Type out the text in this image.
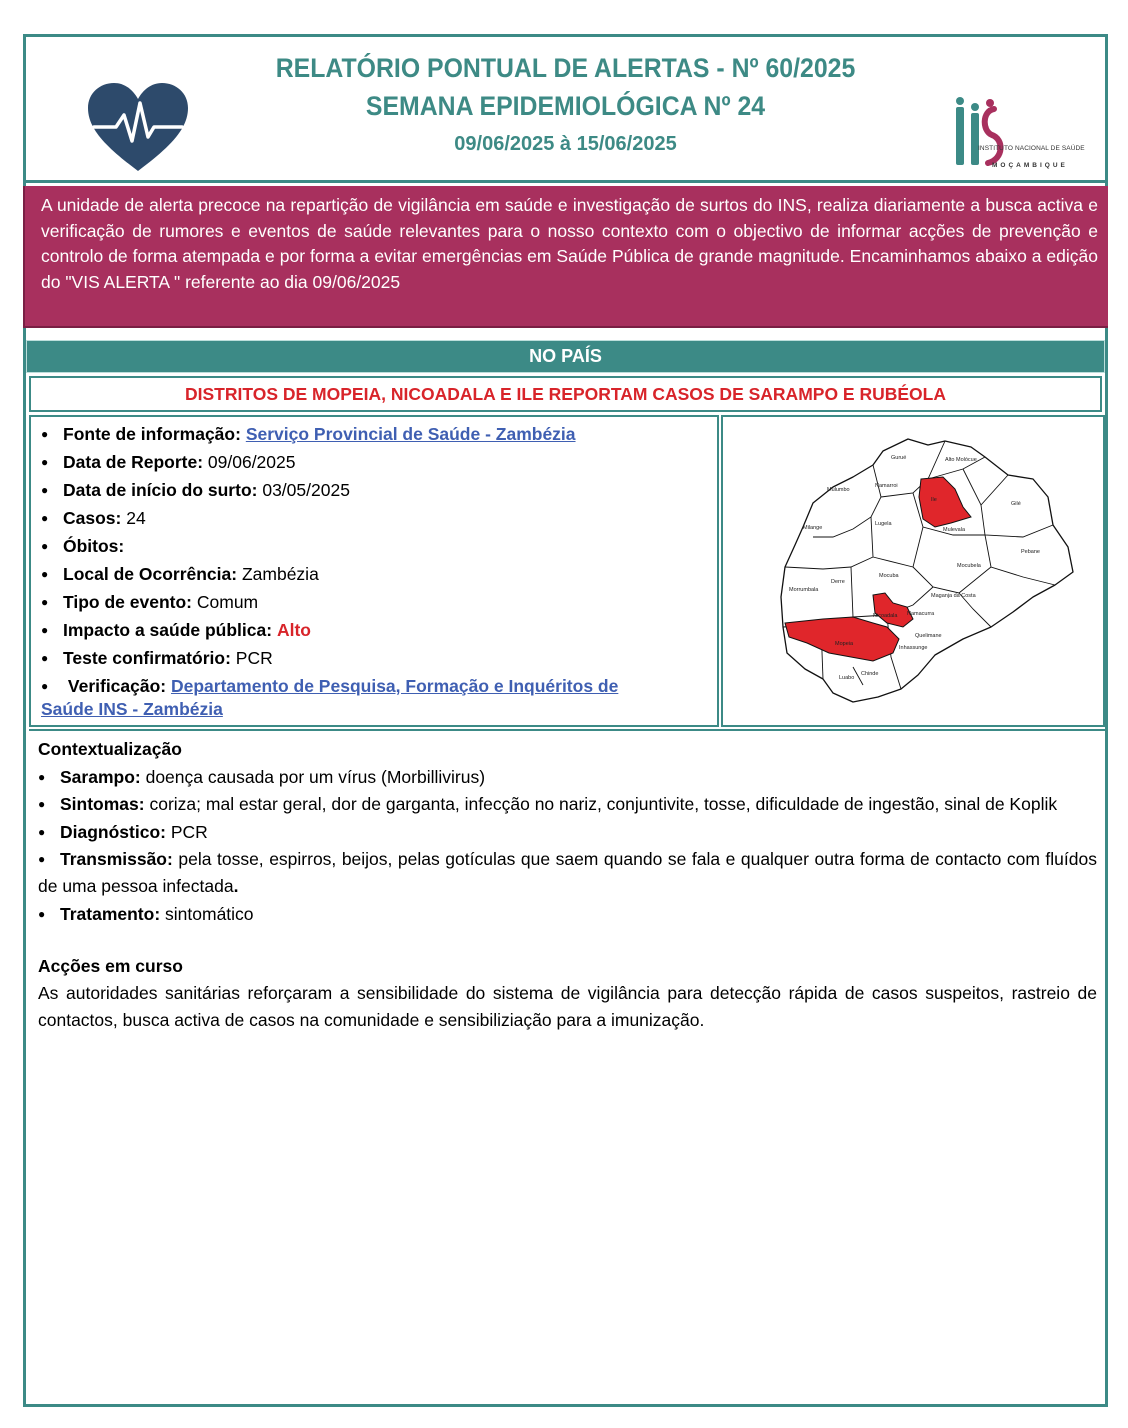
RELATÓRIO PONTUAL DE ALERTAS - Nº 60/2025
SEMANA EPIDEMIOLÓGICA Nº 24
09/06/2025 à 15/06/2025	INSTITUTO NACIONAL DE SAÚDE
MOÇAMBIQUE
A unidade de alerta precoce na repartição de vigilância em saúde e investigação de surtos do INS, realiza diariamente a busca activa e verificação de rumores e eventos de saúde relevantes para o nosso contexto com o objectivo de informar acções de prevenção e controlo de forma atempada e por forma a evitar emergências em Saúde Pública de grande magnitude. Encaminhamos abaixo a edição do "VIS ALERTA " referente ao dia 09/06/2025
NO PAÍS
DISTRITOS DE MOPEIA, NICOADALA E ILE REPORTAM CASOS DE SARAMPO E RUBÉOLA
● Fonte de informação: Serviço Provincial de Saúde - Zambézia
● Data de Reporte: 09/06/2025
● Data de início do surto: 03/05/2025
● Casos: 24
● Óbitos:
● Local de Ocorrência: Zambézia
● Tipo de evento: Comum
● Impacto a saúde pública: Alto
● Teste confirmatório: PCR
● Verificação: Departamento de Pesquisa, Formação e Inquéritos de
Saúde INS - Zambézia
Gurué	Alto Molócue
Mulumbo
Namarroi
Gilé
Ile
Milange
Lugela
Mulevala
Pebane
Mocuba
Mocubela
Derre
Morrumbala
Maganja da Costa
Namacurra
Nicoadala
Quelimane
Mopeia
Inhassunge
Chinde
Luabo
Contextualização
● Sarampo: doença causada por um vírus (Morbillivirus)
● Sintomas: coriza; mal estar geral, dor de garganta, infecção no nariz, conjuntivite, tosse, dificuldade de ingestão, sinal de Koplik
● Diagnóstico: PCR
● Transmissão: pela tosse, espirros, beijos, pelas gotículas que saem quando se fala e qualquer outra forma de contacto com fluídos de uma pessoa infectada.
● Tratamento: sintomático
Acções em curso
As autoridades sanitárias reforçaram a sensibilidade do sistema de vigilância para detecção rápida de casos suspeitos, rastreio de contactos, busca activa de casos na comunidade e sensibiliziação para a imunização.
